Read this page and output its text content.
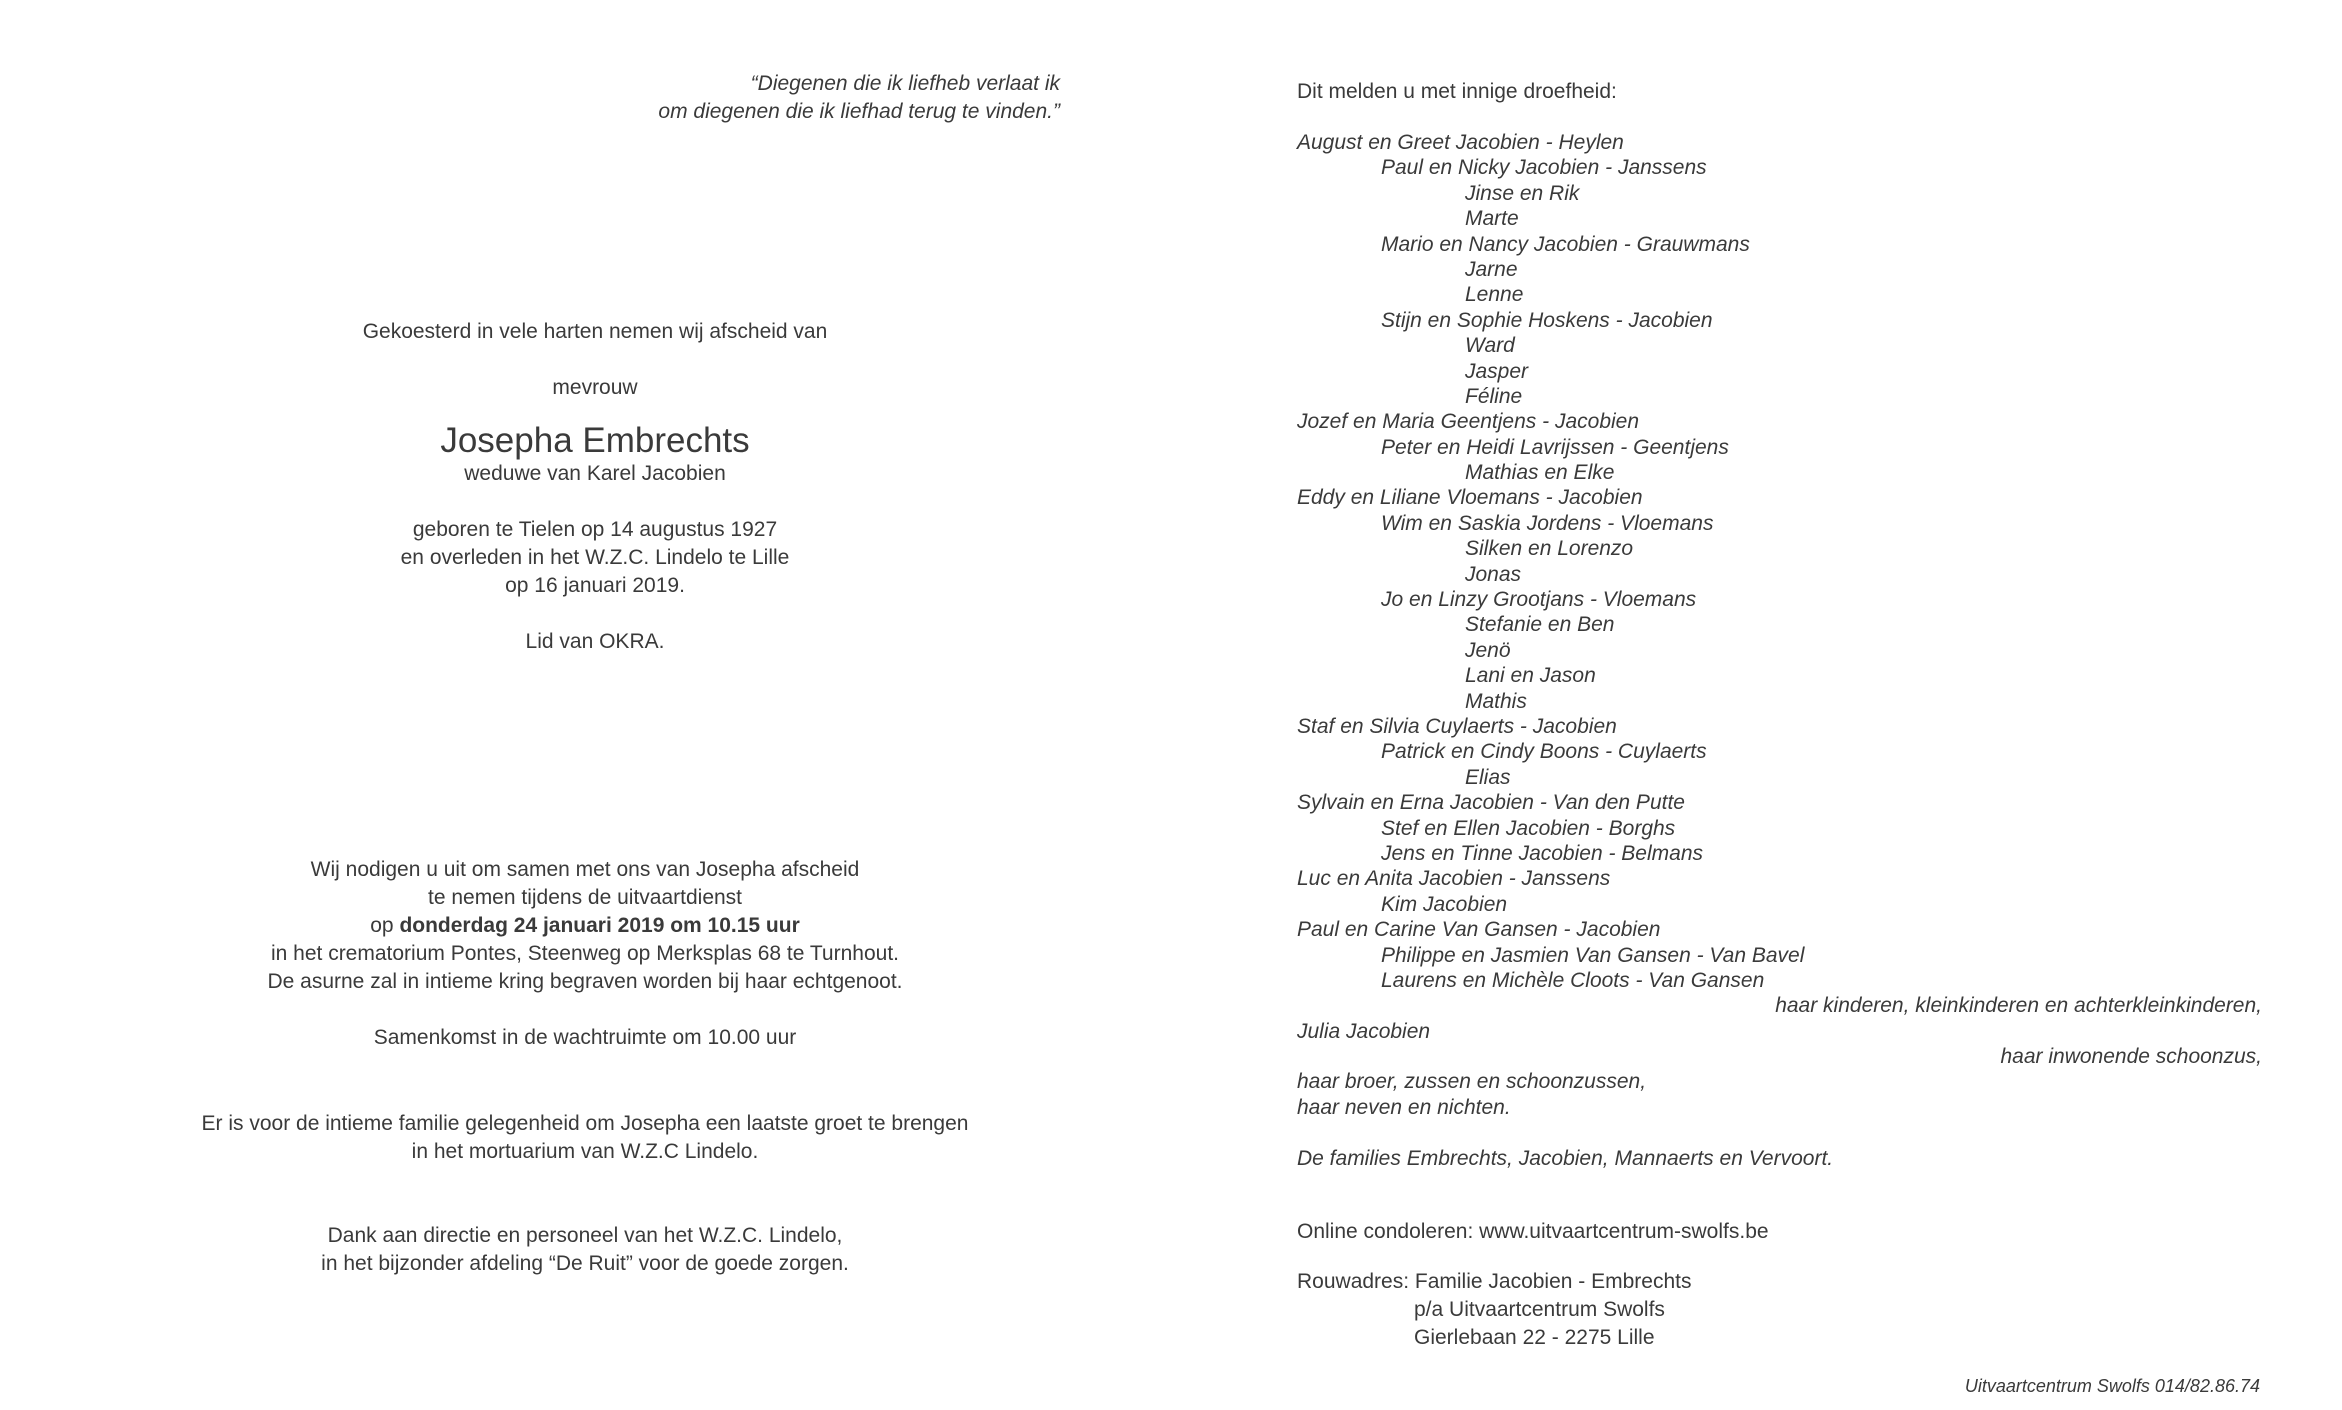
“Diegenen die ik liefheb verlaat ik
om diegenen die ik liefhad terug te vinden.”
Gekoesterd in vele harten nemen wij afscheid van
mevrouw
Josepha Embrechts
weduwe van Karel Jacobien
geboren te Tielen op 14 augustus 1927
en overleden in het W.Z.C. Lindelo te Lille
op 16 januari 2019.
Lid van OKRA.
Wij nodigen u uit om samen met ons van Josepha afscheid
te nemen tijdens de uitvaartdienst
op donderdag 24 januari 2019 om 10.15 uur
in het crematorium Pontes, Steenweg op Merksplas 68 te Turnhout.
De asurne zal in intieme kring begraven worden bij haar echtgenoot.
Samenkomst in de wachtruimte om 10.00 uur
Er is voor de intieme familie gelegenheid om Josepha een laatste groet te brengen
in het mortuarium van W.Z.C Lindelo.
Dank aan directie en personeel van het W.Z.C. Lindelo,
in het bijzonder afdeling “De Ruit” voor de goede zorgen.
Dit melden u met innige droefheid:
August en Greet Jacobien - Heylen
Paul en Nicky Jacobien - Janssens
Jinse en Rik
Marte
Mario en Nancy Jacobien - Grauwmans
Jarne
Lenne
Stijn en Sophie Hoskens - Jacobien
Ward
Jasper
Féline
Jozef en Maria Geentjens - Jacobien
Peter en Heidi Lavrijssen - Geentjens
Mathias en Elke
Eddy en Liliane Vloemans - Jacobien
Wim en Saskia Jordens - Vloemans
Silken en Lorenzo
Jonas
Jo en Linzy Grootjans - Vloemans
Stefanie en Ben
Jenö
Lani en Jason
Mathis
Staf en Silvia Cuylaerts - Jacobien
Patrick en Cindy Boons - Cuylaerts
Elias
Sylvain en Erna Jacobien - Van den Putte
Stef en Ellen Jacobien - Borghs
Jens en Tinne Jacobien - Belmans
Luc en Anita Jacobien - Janssens
Kim Jacobien
Paul en Carine Van Gansen - Jacobien
Philippe en Jasmien Van Gansen - Van Bavel
Laurens en Michèle Cloots - Van Gansen
haar kinderen, kleinkinderen en achterkleinkinderen,
Julia Jacobien
haar inwonende schoonzus,
haar broer, zussen en schoonzussen,
haar neven en nichten.
De families Embrechts, Jacobien, Mannaerts en Vervoort.
Online condoleren: www.uitvaartcentrum-swolfs.be
Rouwadres: Familie Jacobien - Embrechts
p/a Uitvaartcentrum Swolfs
Gierlebaan 22 - 2275 Lille
Uitvaartcentrum Swolfs 014/82.86.74
